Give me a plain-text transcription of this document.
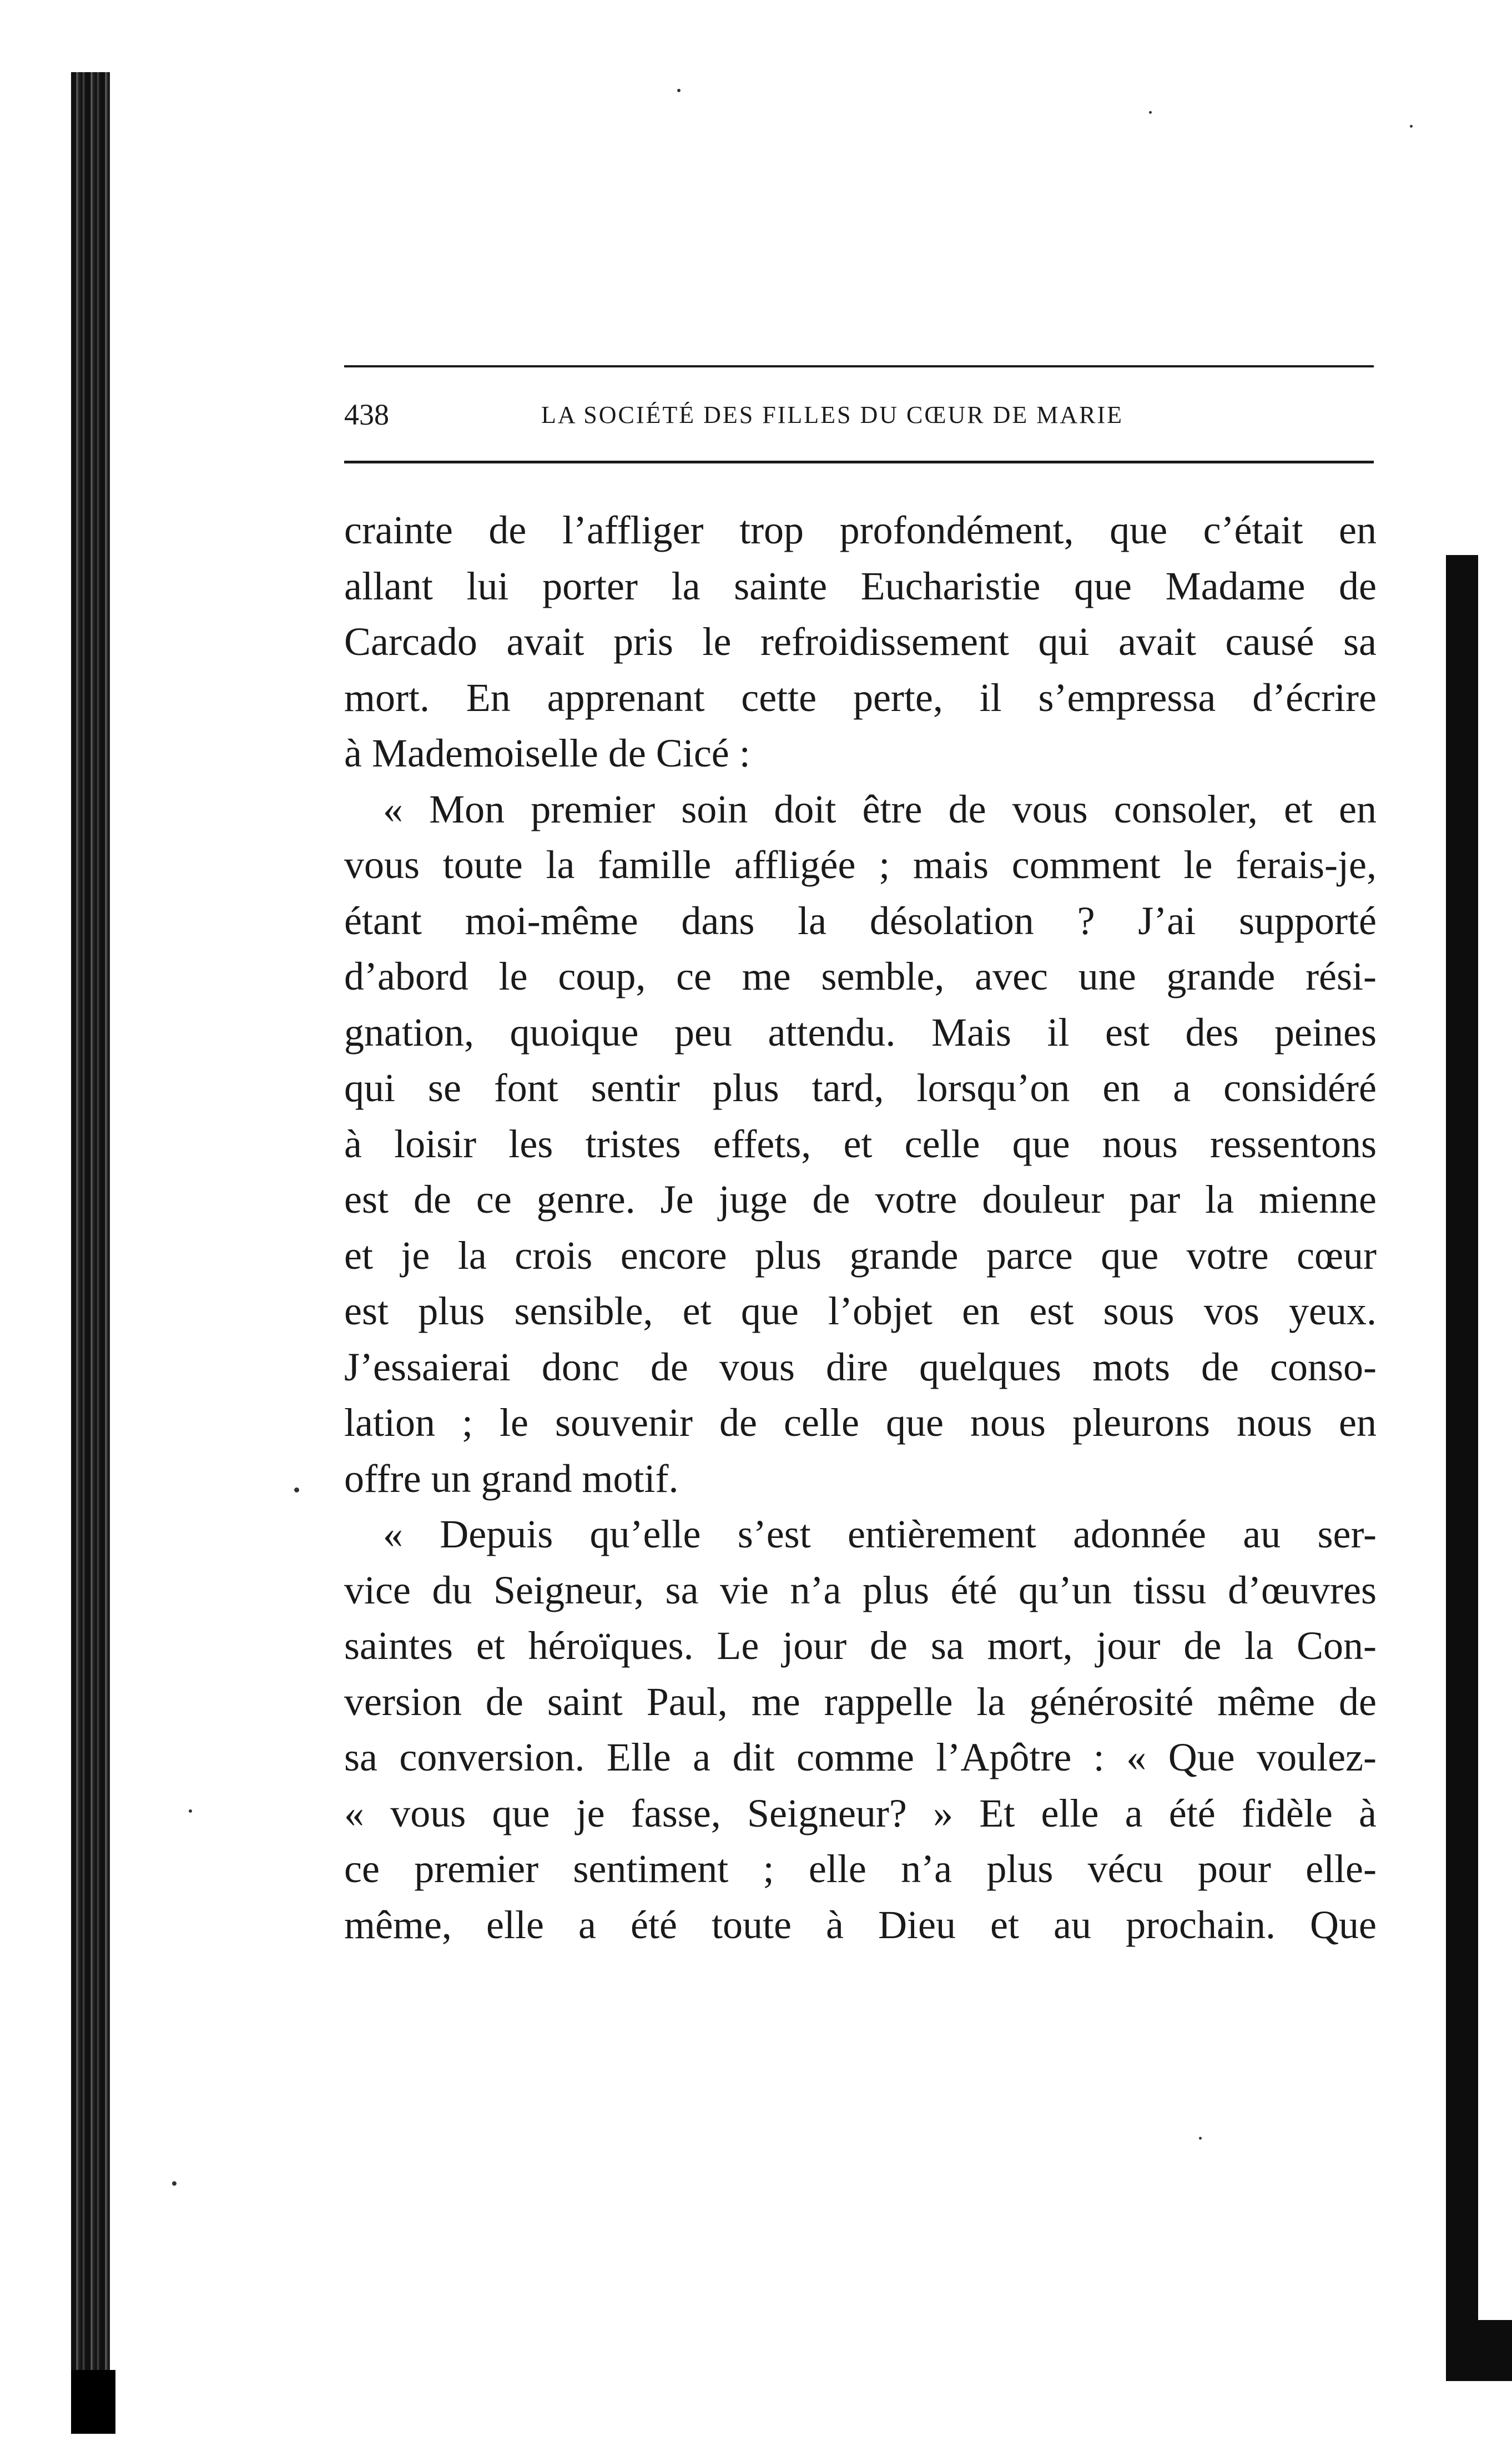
438	LA SOCIÉTÉ DES FILLES DU CŒUR DE MARIE
crainte de l’affliger trop profondément, que c’était en
allant lui porter la sainte Eucharistie que Madame de
Carcado avait pris le refroidissement qui avait causé sa
mort. En apprenant cette perte, il s’empressa d’écrire
à Mademoiselle de Cicé :
« Mon premier soin doit être de vous consoler, et en
vous toute la famille affligée ; mais comment le ferais-je,
étant moi-même dans la désolation ? J’ai supporté
d’abord le coup, ce me semble, avec une grande rési-
gnation, quoique peu attendu. Mais il est des peines
qui se font sentir plus tard, lorsqu’on en a considéré
à loisir les tristes effets, et celle que nous ressentons
est de ce genre. Je juge de votre douleur par la mienne
et je la crois encore plus grande parce que votre cœur
est plus sensible, et que l’objet en est sous vos yeux.
J’essaierai donc de vous dire quelques mots de conso-
lation ; le souvenir de celle que nous pleurons nous en
offre un grand motif.
« Depuis qu’elle s’est entièrement adonnée au ser-
vice du Seigneur, sa vie n’a plus été qu’un tissu d’œuvres
saintes et héroïques. Le jour de sa mort, jour de la Con-
version de saint Paul, me rappelle la générosité même de
sa conversion. Elle a dit comme l’Apôtre : « Que voulez-
« vous que je fasse, Seigneur? » Et elle a été fidèle à
ce premier sentiment ; elle n’a plus vécu pour elle-
même, elle a été toute à Dieu et au prochain. Que
